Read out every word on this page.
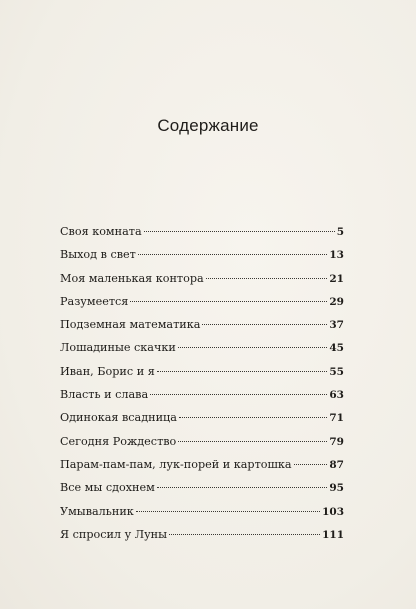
Содержание
Своя комната	5
Выход в свет	13
Моя маленькая контора	21
Разумеется	29
Подземная математика	37
Лошадиные скачки	45
Иван, Борис и я	55
Власть и слава	63
Одинокая всадница	71
Сегодня Рождество	79
Парам-пам-пам, лук-порей и картошка	87
Все мы сдохнем	95
Умывальник	103
Я спросил у Луны	111
